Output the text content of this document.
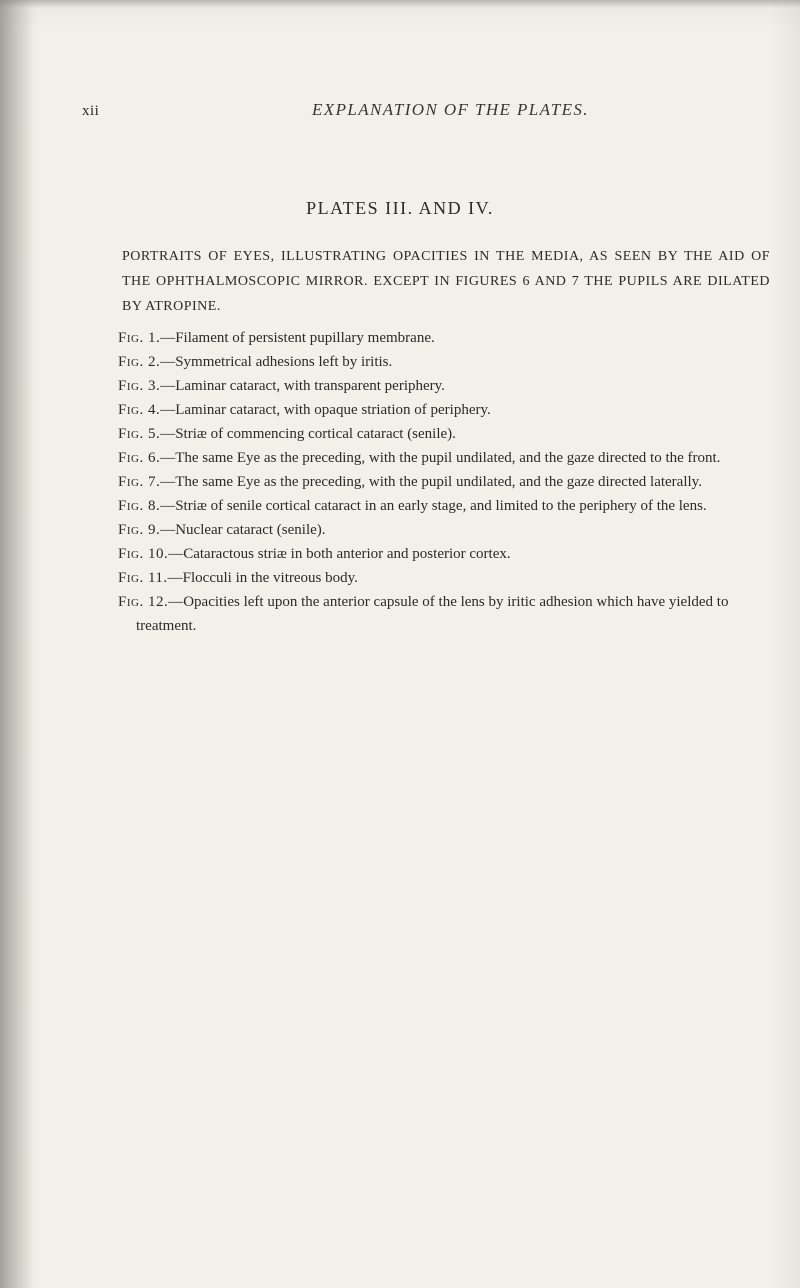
xii	EXPLANATION OF THE PLATES.
PLATES III. AND IV.
PORTRAITS OF EYES, ILLUSTRATING OPACITIES IN THE MEDIA, AS SEEN BY THE AID OF THE OPHTHALMOSCOPIC MIRROR. EXCEPT IN FIGURES 6 AND 7 THE PUPILS ARE DILATED BY ATROPINE.
Fig. 1.—Filament of persistent pupillary membrane.
Fig. 2.—Symmetrical adhesions left by iritis.
Fig. 3.—Laminar cataract, with transparent periphery.
Fig. 4.—Laminar cataract, with opaque striation of periphery.
Fig. 5.—Striæ of commencing cortical cataract (senile).
Fig. 6.—The same Eye as the preceding, with the pupil undilated, and the gaze directed to the front.
Fig. 7.—The same Eye as the preceding, with the pupil undilated, and the gaze directed laterally.
Fig. 8.—Striæ of senile cortical cataract in an early stage, and limited to the periphery of the lens.
Fig. 9.—Nuclear cataract (senile).
Fig. 10.—Cataractous striæ in both anterior and posterior cortex.
Fig. 11.—Flocculi in the vitreous body.
Fig. 12.—Opacities left upon the anterior capsule of the lens by iritic adhesion which have yielded to treatment.
